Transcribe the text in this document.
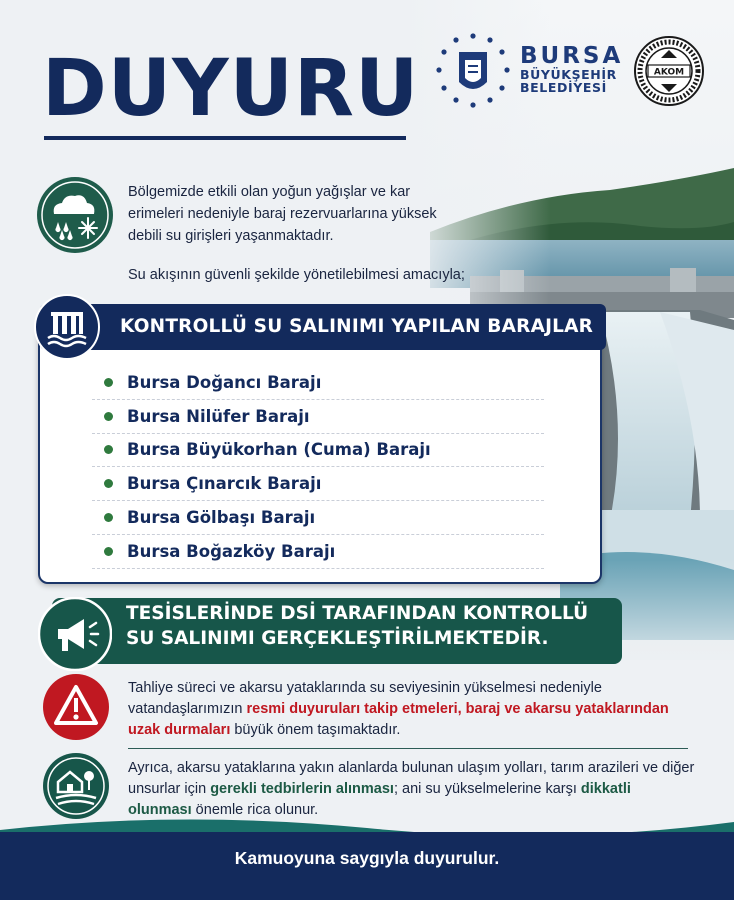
DUYURU	BURSA
BÜYÜKŞEHİR
BELEDİYESİ
AKOM
Bölgemizde etkili olan yoğun yağışlar ve kar erimeleri nedeniyle baraj rezervuarlarına yüksek debili su girişleri yaşanmaktadır.
Su akışının güvenli şekilde yönetilebilmesi amacıyla;
KONTROLLÜ SU SALINIMI YAPILAN BARAJLAR
Bursa Doğancı Barajı
Bursa Nilüfer Barajı
Bursa Büyükorhan (Cuma) Barajı
Bursa Çınarcık Barajı
Bursa Gölbaşı Barajı
Bursa Boğazköy Barajı
TESİSLERİNDE DSİ TARAFINDAN KONTROLLÜ
SU SALINIMI GERÇEKLEŞTİRİLMEKTEDİR.
Tahliye süreci ve akarsu yataklarında su seviyesinin yükselmesi nedeniyle vatandaşlarımızın resmi duyuruları takip etmeleri, baraj ve akarsu yataklarından uzak durmaları büyük önem taşımaktadır.
Ayrıca, akarsu yataklarına yakın alanlarda bulunan ulaşım yolları, tarım arazileri ve diğer unsurlar için gerekli tedbirlerin alınması; ani su yükselmelerine karşı dikkatli olunması önemle rica olunur.
Kamuoyuna saygıyla duyurulur.
